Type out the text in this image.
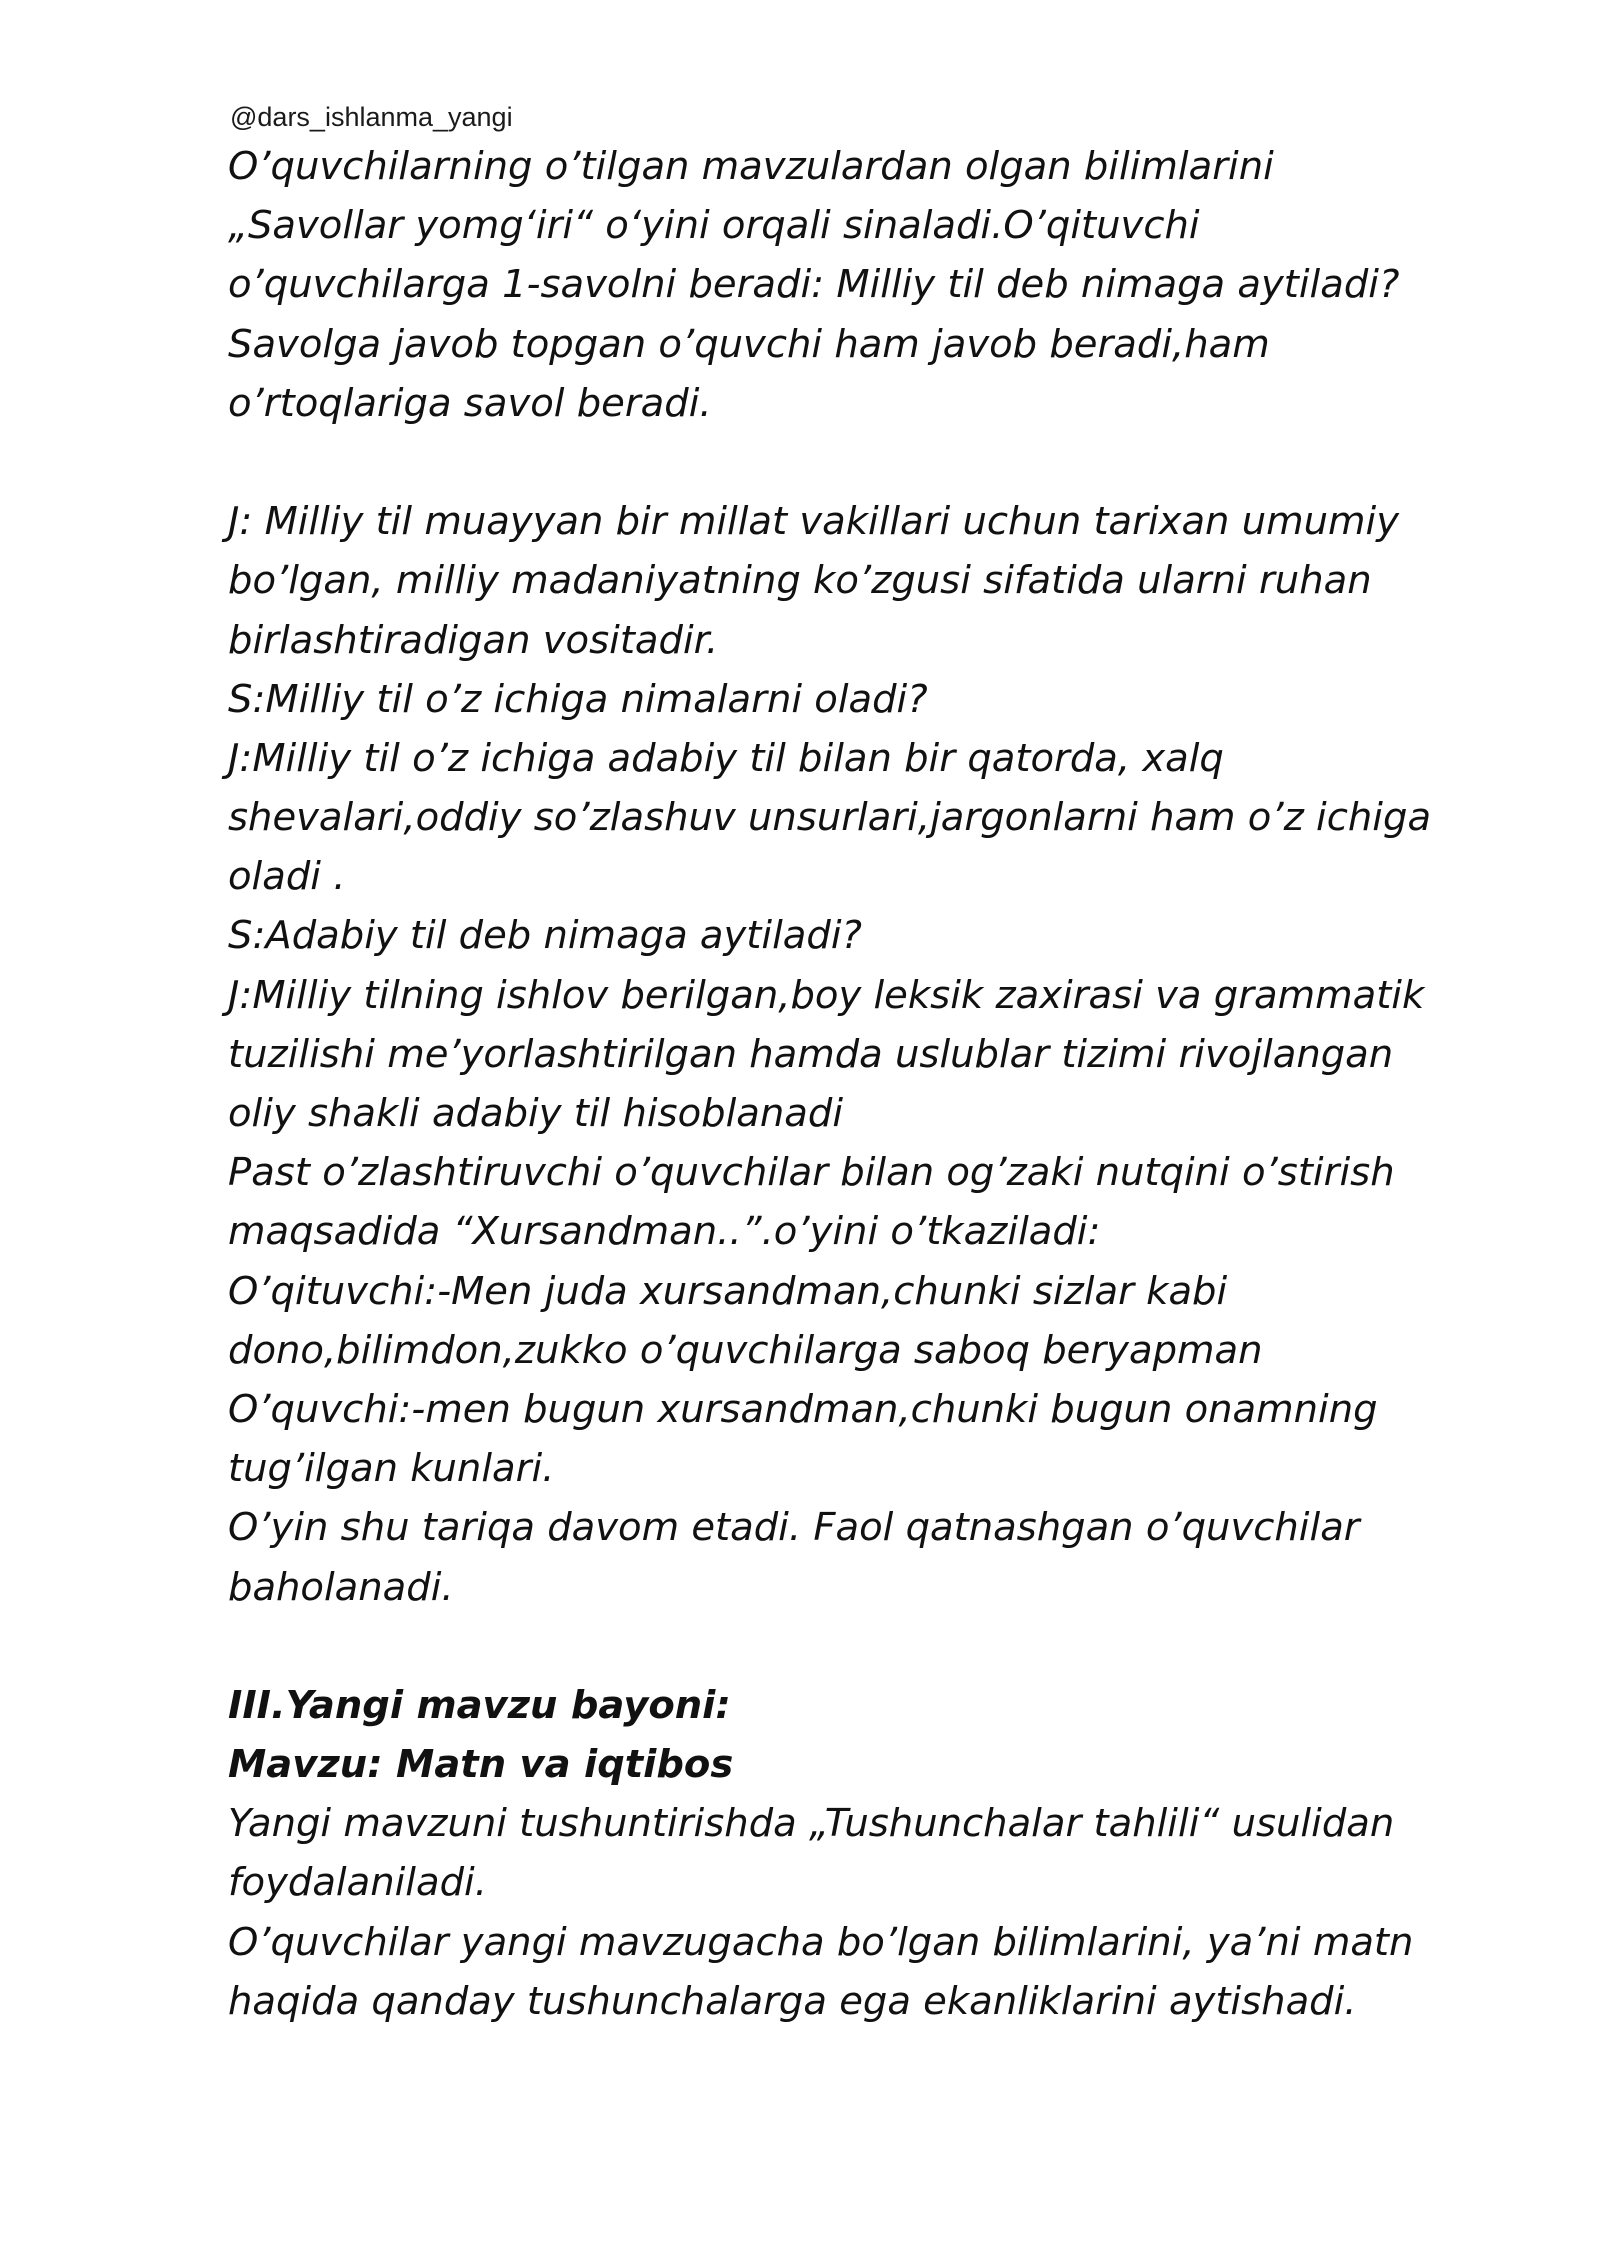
@dars_ishlanma_yangi
O’quvchilarning o’tilgan mavzulardan olgan bilimlarini
„Savollar yomg‘iri“ o‘yini orqali sinaladi.O’qituvchi
o’quvchilarga 1-savolni beradi: Milliy til deb nimaga aytiladi?
Savolga javob topgan o’quvchi ham javob beradi,ham
o’rtoqlariga savol beradi.
J: Milliy til muayyan bir millat vakillari uchun tarixan umumiy
bo’lgan, milliy madaniyatning ko’zgusi sifatida ularni ruhan
birlashtiradigan vositadir.
S:Milliy til o’z ichiga nimalarni oladi?
J:Milliy til o’z ichiga adabiy til bilan bir qatorda, xalq
shevalari,oddiy so’zlashuv unsurlari,jargonlarni ham o’z ichiga
oladi .
S:Adabiy til deb nimaga aytiladi?
J:Milliy tilning ishlov berilgan,boy leksik zaxirasi va grammatik
tuzilishi me’yorlashtirilgan hamda uslublar tizimi rivojlangan
oliy shakli adabiy til hisoblanadi
Past o’zlashtiruvchi o’quvchilar bilan og’zaki nutqini o’stirish
maqsadida “Xursandman..”.o’yini o’tkaziladi:
O’qituvchi:-Men juda xursandman,chunki sizlar kabi
dono,bilimdon,zukko o’quvchilarga saboq beryapman
O’quvchi:-men bugun xursandman,chunki bugun onamning
tug’ilgan kunlari.
O’yin shu tariqa davom etadi. Faol qatnashgan o’quvchilar
baholanadi.
III.Yangi mavzu bayoni:
Mavzu: Matn va iqtibos
Yangi mavzuni tushuntirishda „Tushunchalar tahlili“ usulidan
foydalaniladi.
O’quvchilar yangi mavzugacha bo’lgan bilimlarini, ya’ni matn
haqida qanday tushunchalarga ega ekanliklarini aytishadi.
